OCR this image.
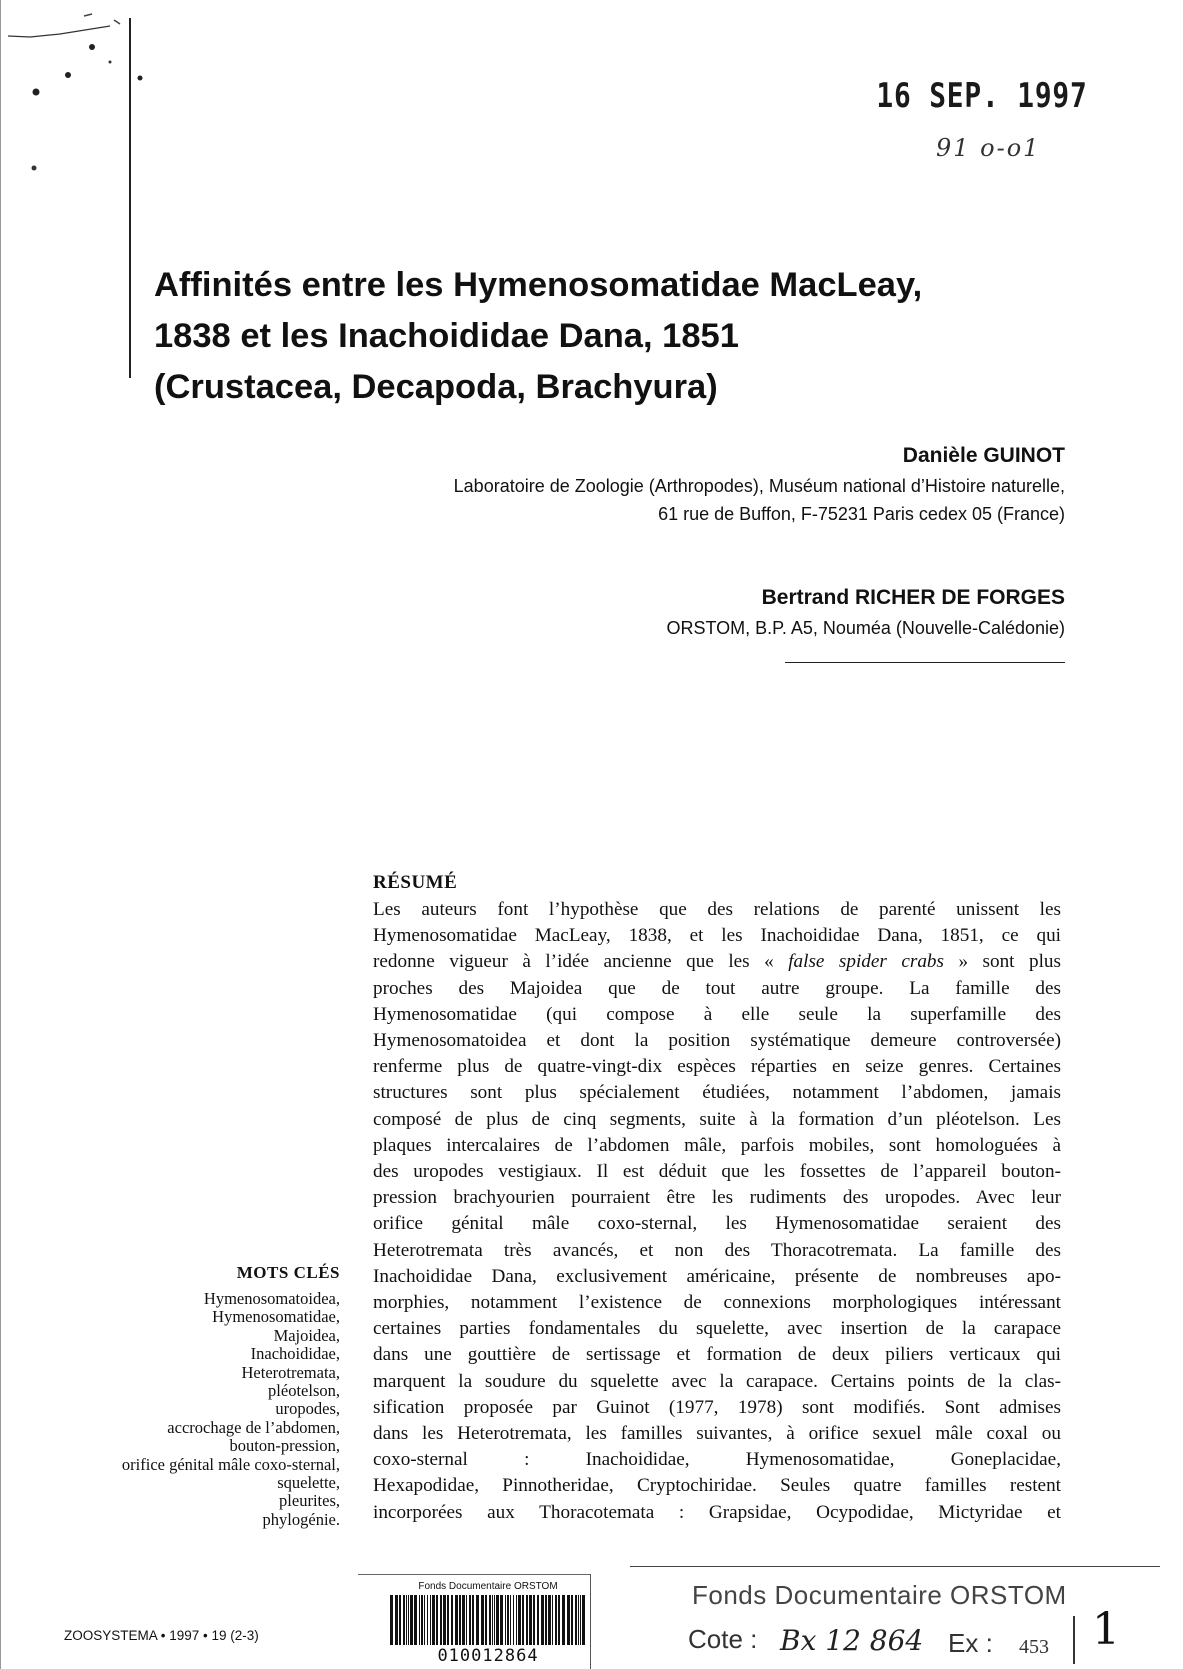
16 SEP. 1997
91 o-o1
Affinités entre les Hymenosomatidae MacLeay,
1838 et les Inachoididae Dana, 1851
(Crustacea, Decapoda, Brachyura)
Danièle GUINOT
Laboratoire de Zoologie (Arthropodes), Muséum national d’Histoire naturelle,
61 rue de Buffon, F-75231 Paris cedex 05 (France)
Bertrand RICHER DE FORGES
ORSTOM, B.P. A5, Nouméa (Nouvelle-Calédonie)
RÉSUMÉ
Les auteurs font l’hypothèse que des relations de parenté unissent les
Hymenosomatidae MacLeay, 1838, et les Inachoididae Dana, 1851, ce qui
redonne vigueur à l’idée ancienne que les « false spider crabs » sont plus
proches des Majoidea que de tout autre groupe. La famille des
Hymenosomatidae (qui compose à elle seule la superfamille des
Hymenosomatoidea et dont la position systématique demeure controversée)
renferme plus de quatre-vingt-dix espèces réparties en seize genres. Certaines
structures sont plus spécialement étudiées, notamment l’abdomen, jamais
composé de plus de cinq segments, suite à la formation d’un pléotelson. Les
plaques intercalaires de l’abdomen mâle, parfois mobiles, sont homologuées à
des uropodes vestigiaux. Il est déduit que les fossettes de l’appareil bouton-
pression brachyourien pourraient être les rudiments des uropodes. Avec leur
orifice génital mâle coxo-sternal, les Hymenosomatidae seraient des
Heterotremata très avancés, et non des Thoracotremata. La famille des
Inachoididae Dana, exclusivement américaine, présente de nombreuses apo-
morphies, notamment l’existence de connexions morphologiques intéressant
certaines parties fondamentales du squelette, avec insertion de la carapace
dans une gouttière de sertissage et formation de deux piliers verticaux qui
marquent la soudure du squelette avec la carapace. Certains points de la clas-
sification proposée par Guinot (1977, 1978) sont modifiés. Sont admises
dans les Heterotremata, les familles suivantes, à orifice sexuel mâle coxal ou
coxo-sternal : Inachoididae, Hymenosomatidae, Goneplacidae,
Hexapodidae, Pinnotheridae, Cryptochiridae. Seules quatre familles restent
incorporées aux Thoracotemata : Grapsidae, Ocypodidae, Mictyridae et
MOTS CLÉS
Hymenosomatoidea,
Hymenosomatidae,
Majoidea,
Inachoididae,
Heterotremata,
pléotelson,
uropodes,
accrochage de l’abdomen,
bouton-pression,
orifice génital mâle coxo-sternal,
squelette,
pleurites,
phylogénie.
ZOOSYSTEMA • 1997 • 19 (2-3)
Fonds Documentaire ORSTOM
010012864
Fonds Documentaire ORSTOM
Cote : Bx 12 864 Ex : 453 1
